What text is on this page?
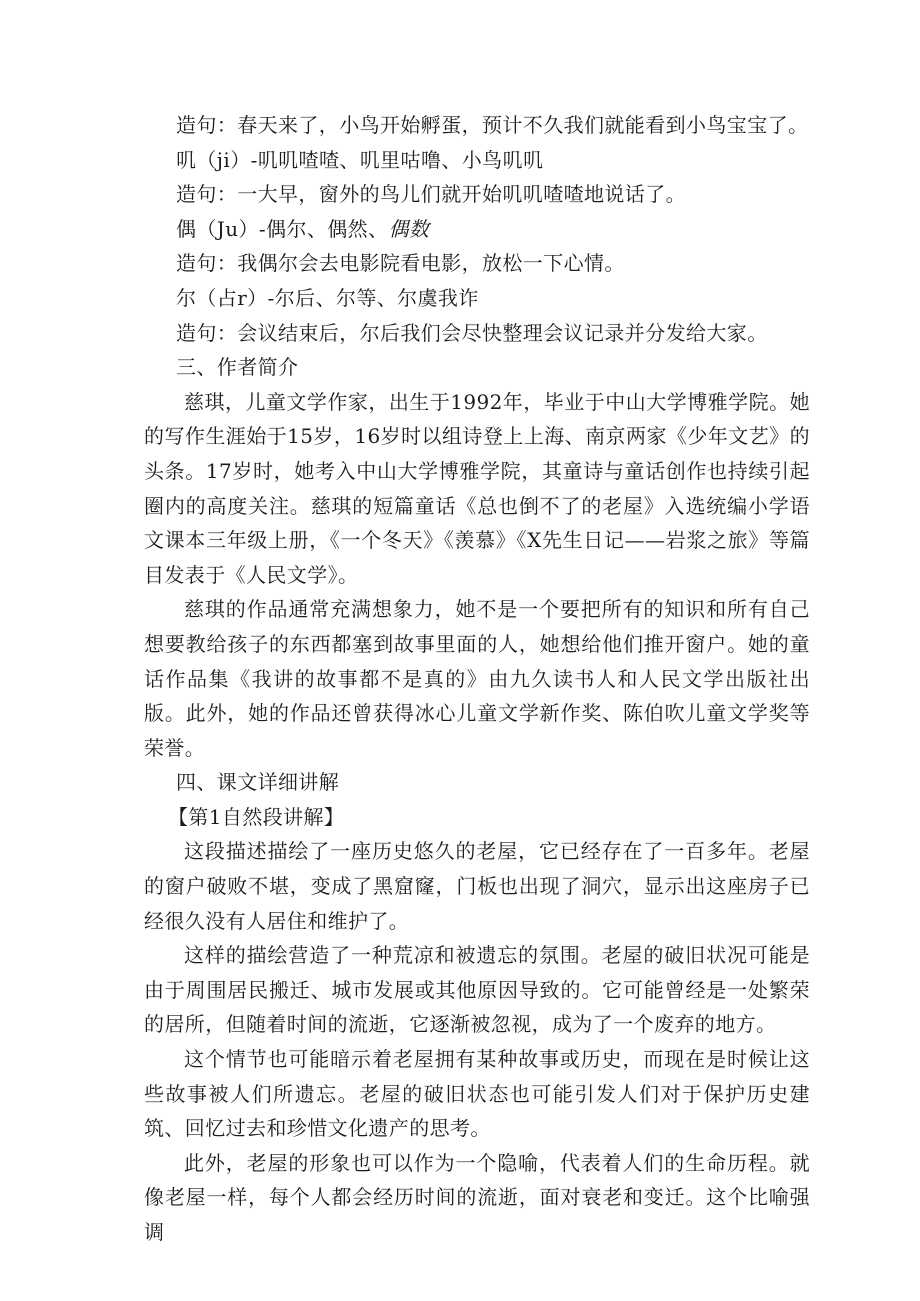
造句：春天来了，小鸟开始孵蛋，预计不久我们就能看到小鸟宝宝了。
叽（ji）-叽叽喳喳、叽里咕噜、小鸟叽叽
造句：一大早，窗外的鸟儿们就开始叽叽喳喳地说话了。
偶（Ju）-偶尔、偶然、偶数
造句：我偶尔会去电影院看电影，放松一下心情。
尔（占r）-尔后、尔等、尔虞我诈
造句：会议结束后，尔后我们会尽快整理会议记录并分发给大家。
三、作者简介
慈琪，儿童文学作家，出生于1992年，毕业于中山大学博雅学院。她的写作生涯始于15岁，16岁时以组诗登上上海、南京两家《少年文艺》的头条。17岁时，她考入中山大学博雅学院，其童诗与童话创作也持续引起圈内的高度关注。慈琪的短篇童话《总也倒不了的老屋》入选统编小学语文课本三年级上册，《一个冬天》《羡慕》《X先生日记——岩浆之旅》等篇目发表于《人民文学》。
慈琪的作品通常充满想象力，她不是一个要把所有的知识和所有自己想要教给孩子的东西都塞到故事里面的人，她想给他们推开窗户。她的童话作品集《我讲的故事都不是真的》由九久读书人和人民文学出版社出版。此外，她的作品还曾获得冰心儿童文学新作奖、陈伯吹儿童文学奖等荣誉。
四、课文详细讲解
【第1自然段讲解】
这段描述描绘了一座历史悠久的老屋，它已经存在了一百多年。老屋的窗户破败不堪，变成了黑窟窿，门板也出现了洞穴，显示出这座房子已经很久没有人居住和维护了。
这样的描绘营造了一种荒凉和被遗忘的氛围。老屋的破旧状况可能是由于周围居民搬迁、城市发展或其他原因导致的。它可能曾经是一处繁荣的居所，但随着时间的流逝，它逐渐被忽视，成为了一个废弃的地方。
这个情节也可能暗示着老屋拥有某种故事或历史，而现在是时候让这些故事被人们所遗忘。老屋的破旧状态也可能引发人们对于保护历史建筑、回忆过去和珍惜文化遗产的思考。
此外，老屋的形象也可以作为一个隐喻，代表着人们的生命历程。就像老屋一样，每个人都会经历时间的流逝，面对衰老和变迁。这个比喻强调
